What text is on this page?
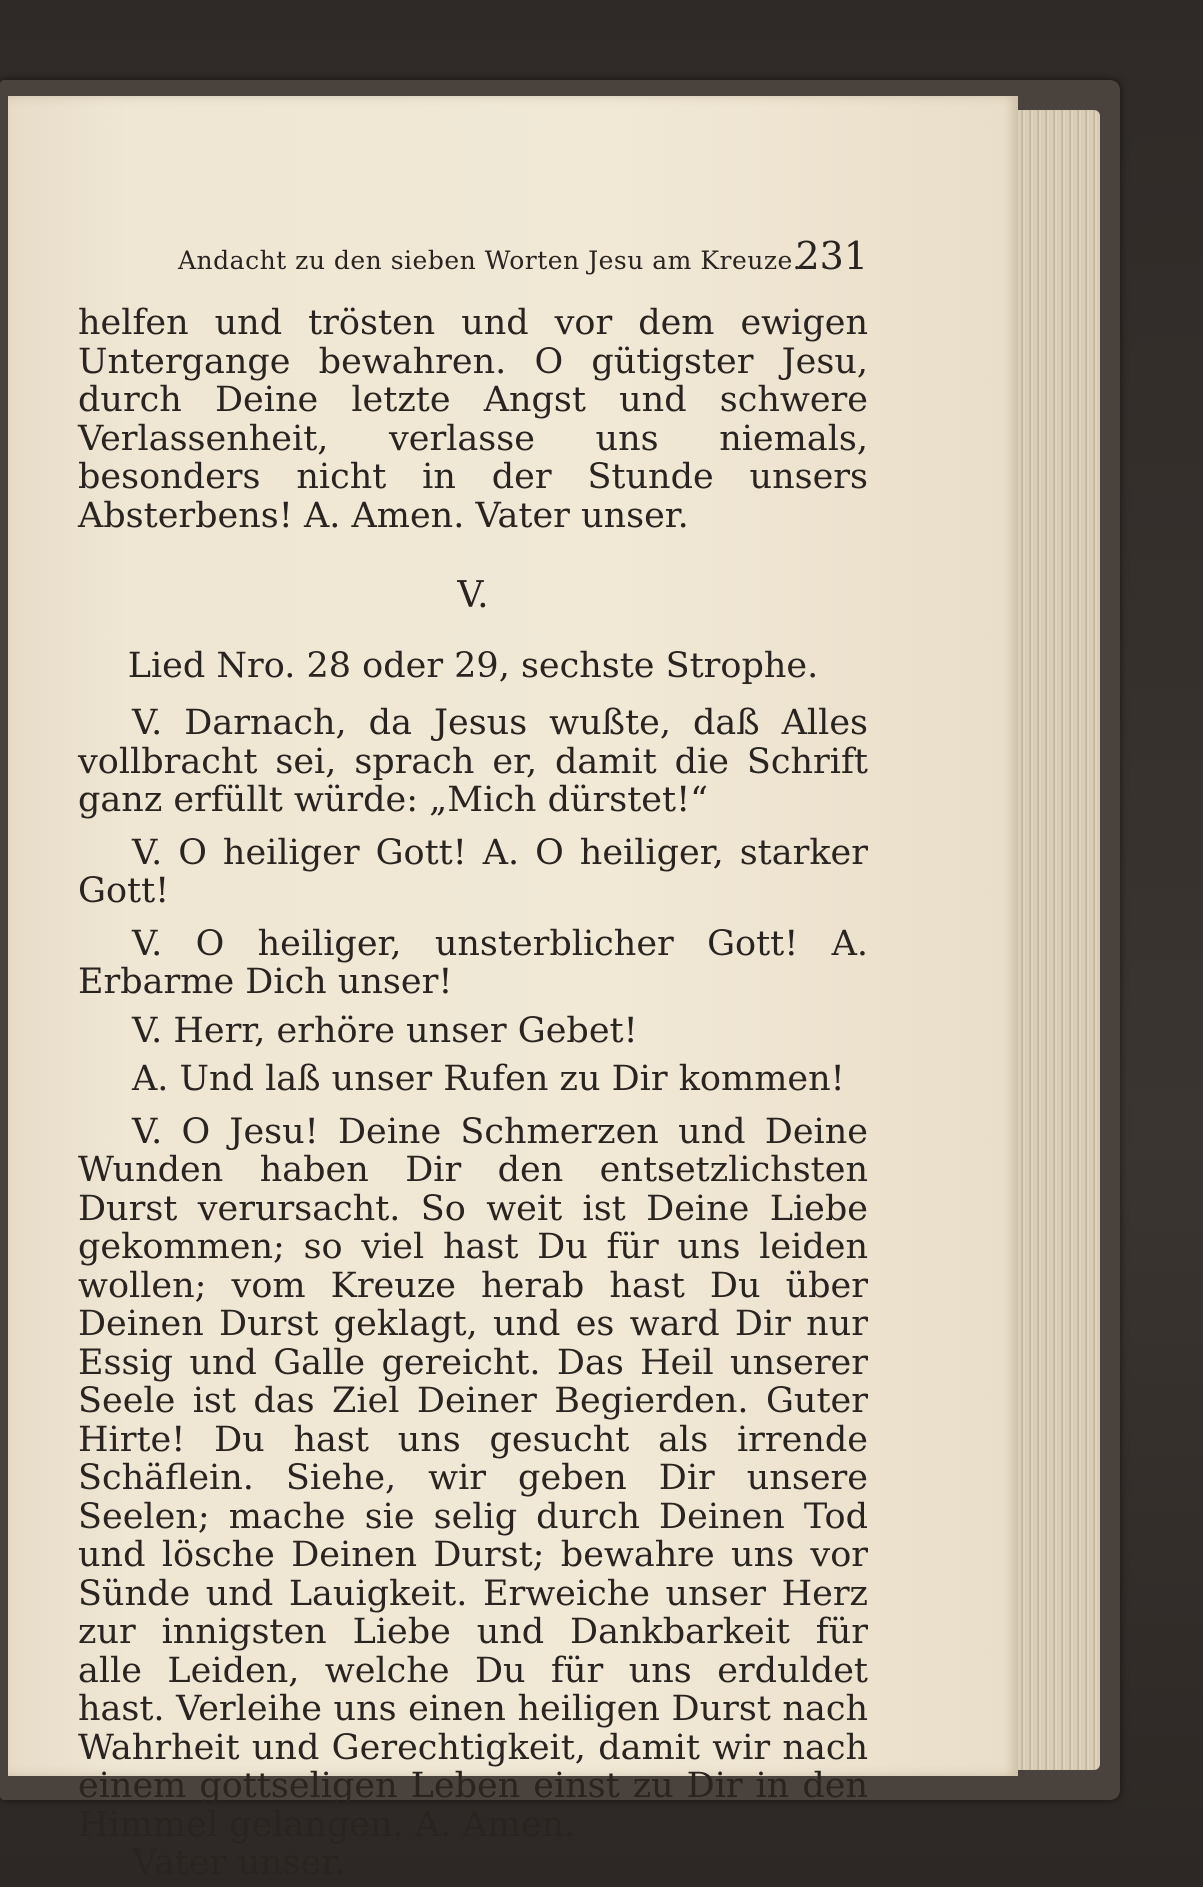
Andacht zu den sieben Worten Jesu am Kreuze.
231

helfen und trösten und vor dem ewigen Untergange bewahren. O gütigster Jesu, durch Deine letzte Angst und schwere Verlassenheit, verlasse uns niemals, besonders nicht in der Stunde unsers Absterbens! A. Amen. Vater unser.

V.
Lied Nro. 28 oder 29, sechste Strophe.

V. Darnach, da Jesus wußte, daß Alles vollbracht sei, sprach er, damit die Schrift ganz erfüllt würde: „Mich dürstet!“

V. O heiliger Gott! A. O heiliger, starker Gott!

V. O heiliger, unsterblicher Gott! A. Erbarme Dich unser!

V. Herr, erhöre unser Gebet!

A. Und laß unser Rufen zu Dir kommen!

V. O Jesu! Deine Schmerzen und Deine Wunden haben Dir den entsetzlichsten Durst verursacht. So weit ist Deine Liebe gekommen; so viel hast Du für uns leiden wollen; vom Kreuze herab hast Du über Deinen Durst geklagt, und es ward Dir nur Essig und Galle gereicht. Das Heil unserer Seele ist das Ziel Deiner Begierden. Guter Hirte! Du hast uns gesucht als irrende Schäflein. Siehe, wir geben Dir unsere Seelen; mache sie selig durch Deinen Tod und lösche Deinen Durst; bewahre uns vor Sünde und Lauigkeit. Erweiche unser Herz zur innigsten Liebe und Dankbarkeit für alle Leiden, welche Du für uns erduldet hast. Verleihe uns einen heiligen Durst nach Wahrheit und Gerechtigkeit, damit wir nach einem gottseligen Leben einst zu Dir in den Himmel gelangen. A. Amen.

Vater unser.
